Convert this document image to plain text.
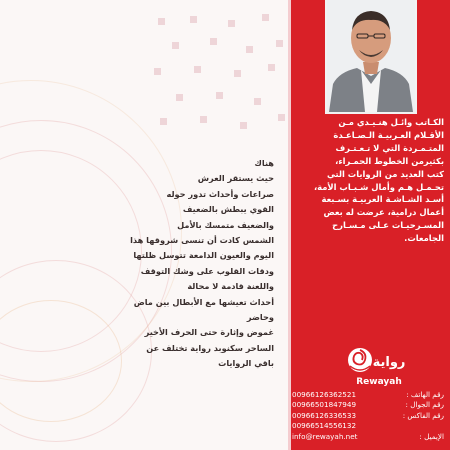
الكـاتب وائـل هنـيـدي مـن

الأقـلام العـربيـة الـصـاعـدة

المتـمـردة التي لا تـعـتـرف

بكثيرمن الخطوط الحمـراء،

كتب العديد من الروايات التي

تحـمـل هـم وأمال شـبـاب الأمة،

أسـد الشـاشـة العربيـة بسـبعة

أعمال درامية، عرضت له بعض

المسـرحيـات عـلى مـسـارح

الجامعات.

هناك

حيث يستقر العرش

صراعات وأحداث تدور حوله

القوي يبطش بالضعيف

والضعيف متمسك بالأمل

الشمس كادت أن تنسى شروقها هذا

اليوم والعيون الدامعة تتوسل ظلتها

ودقات القلوب على وشك التوقف

واللعنة قادمة لا محالة

أحداث تعيشها مع الأبطال بين ماض

وحاضر

غموض وإثارة حتى الحرف الأخير

الساحر سكنوبد رواية تختلف عن

باقي الروايات	رواية
Rewayah
00966126362521	رقم الهاتف :
00966501847949	رقم الجوال :
00966126336533	رقم الفاكس :
00966514556132
info@rewayah.net	الإيميل :
